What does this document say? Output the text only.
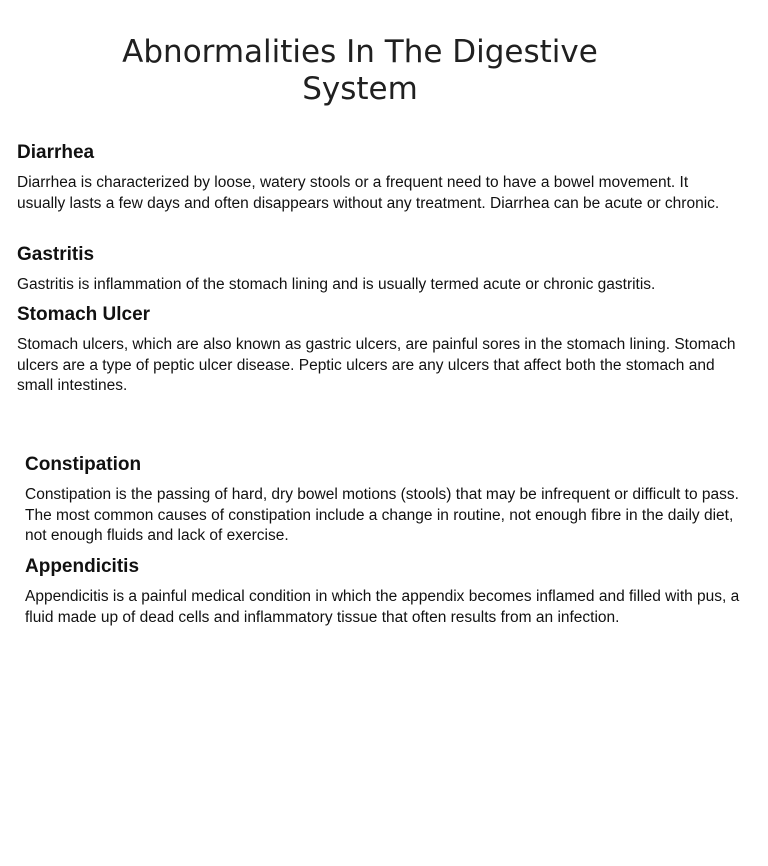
Abnormalities In The Digestive
System
Diarrhea

Diarrhea is characterized by loose, watery stools or a frequent need to have a bowel movement. It usually lasts a few days and often disappears without any treatment. Diarrhea can be acute or chronic.

Gastritis

Gastritis is inflammation of the stomach lining and is usually termed acute or chronic gastritis.

Stomach Ulcer

Stomach ulcers, which are also known as gastric ulcers, are painful sores in the stomach lining. Stomach ulcers are a type of peptic ulcer disease. Peptic ulcers are any ulcers that affect both the stomach and small intestines.

Constipation

Constipation is the passing of hard, dry bowel motions (stools) that may be infrequent or difficult to pass. The most common causes of constipation include a change in routine, not enough fibre in the daily diet, not enough fluids and lack of exercise.

Appendicitis

Appendicitis is a painful medical condition in which the appendix becomes inflamed and filled with pus, a fluid made up of dead cells and inflammatory tissue that often results from an infection.
